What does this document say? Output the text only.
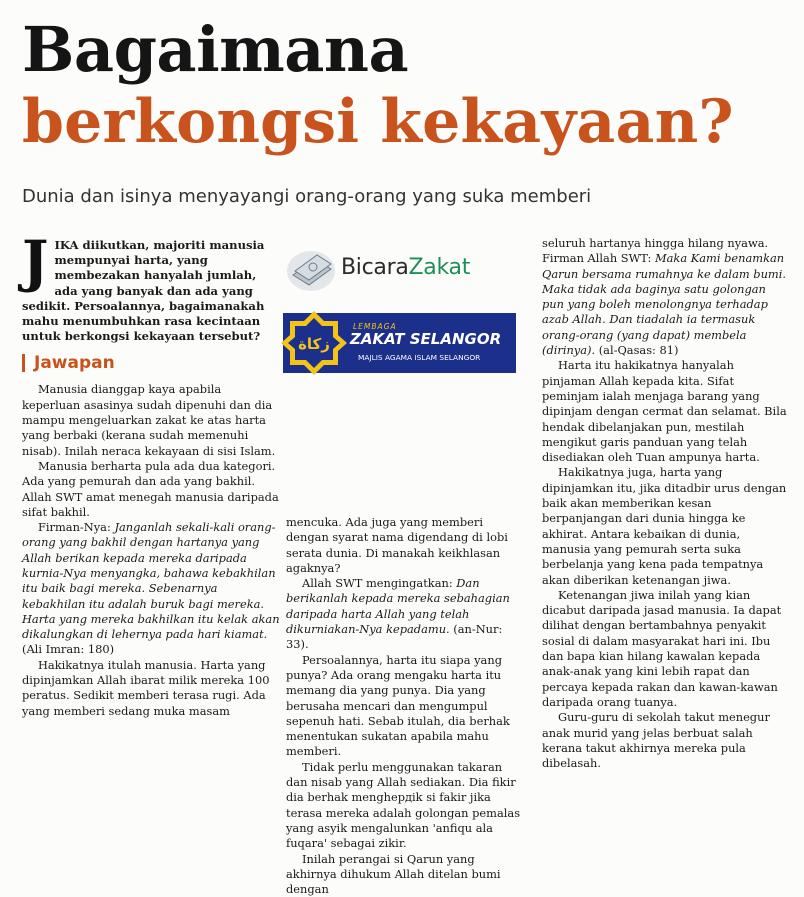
Bagaimana
berkongsi kekayaan?

Dunia dan isinya menyayangi orang-orang yang suka memberi

JIKA diikutkan, majoriti manusia mempunyai harta, yang membezakan hanyalah jumlah, ada yang banyak dan ada yang sedikit. Persoalannya, bagaimanakah mahu menumbuhkan rasa kecintaan untuk berkongsi kekayaan tersebut?

Jawapan

Manusia dianggap kaya apabila keperluan asasinya sudah dipenuhi dan dia mampu mengeluarkan zakat ke atas harta yang berbaki (kerana sudah memenuhi nisab). Inilah neraca kekayaan di sisi Islam.

Manusia berharta pula ada dua kategori. Ada yang pemurah dan ada yang bakhil. Allah SWT amat menegah manusia daripada sifat bakhil.

Firman-Nya: Janganlah sekali-kali orang-orang yang bakhil dengan hartanya yang Allah berikan kepada mereka daripada kurnia-Nya menyangka, bahawa kebakhilan itu baik bagi mereka. Sebenarnya kebakhilan itu adalah buruk bagi mereka. Harta yang mereka bakhilkan itu kelak akan dikalungkan di lehernya pada hari kiamat. (Ali Imran: 180)

Hakikatnya itulah manusia. Harta yang dipinjamkan Allah ibarat milik mereka 100 peratus. Sedikit memberi terasa rugi. Ada yang memberi sedang muka masam

BicaraZakat
زكاة
LEMBAGA
ZAKAT SELANGOR
MAJLIS AGAMA ISLAM SELANGOR

mencuka. Ada juga yang memberi dengan syarat nama digendang di lobi serata dunia. Di manakah keikhlasan agaknya?

Allah SWT mengingatkan: Dan berikanlah kepada mereka sebahagian daripada harta Allah yang telah dikurniakan-Nya kepadamu. (an-Nur: 33).

Persoalannya, harta itu siapa yang punya? Ada orang mengaku harta itu memang dia yang punya. Dia yang berusaha mencari dan mengumpul sepenuh hati. Sebab itulah, dia berhak menentukan sukatan apabila mahu memberi.

Tidak perlu menggunakan takaran dan nisab yang Allah sediakan. Dia fikir dia berhak menghердik si fakir jika terasa mereka adalah golongan pemalas yang asyik mengalunkan 'anfiqu ala fuqara' sebagai zikir.

Inilah perangai si Qarun yang akhirnya dihukum Allah ditelan bumi dengan

seluruh hartanya hingga hilang nyawa. Firman Allah SWT: Maka Kami benamkan Qarun bersama rumahnya ke dalam bumi. Maka tidak ada baginya satu golongan pun yang boleh menolongnya terhadap azab Allah. Dan tiadalah ia termasuk orang-orang (yang dapat) membela (dirinya). (al-Qasas: 81)

Harta itu hakikatnya hanyalah pinjaman Allah kepada kita. Sifat peminjam ialah menjaga barang yang dipinjam dengan cermat dan selamat. Bila hendak dibelanjakan pun, mestilah mengikut garis panduan yang telah disediakan oleh Tuan ampunya harta.

Hakikatnya juga, harta yang dipinjamkan itu, jika ditadbir urus dengan baik akan memberikan kesan berpanjangan dari dunia hingga ke akhirat. Antara kebaikan di dunia, manusia yang pemurah serta suka berbelanja yang kena pada tempatnya akan diberikan ketenangan jiwa.

Ketenangan jiwa inilah yang kian dicabut daripada jasad manusia. Ia dapat dilihat dengan bertambahnya penyakit sosial di dalam masyarakat hari ini. Ibu dan bapa kian hilang kawalan kepada anak-anak yang kini lebih rapat dan percaya kepada rakan dan kawan-kawan daripada orang tuanya.

Guru-guru di sekolah takut menegur anak murid yang jelas berbuat salah kerana takut akhirnya mereka pula dibelasah.
